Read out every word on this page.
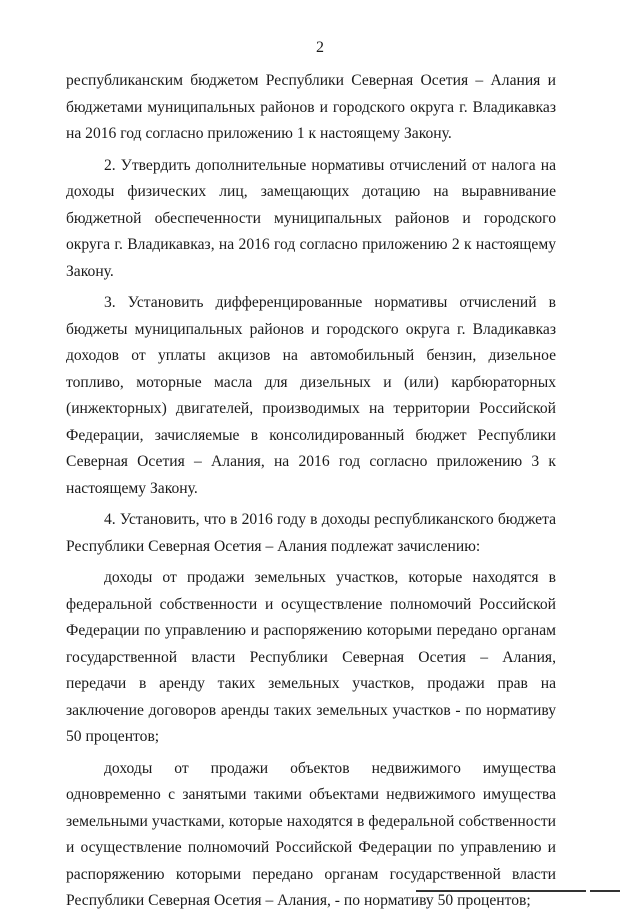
2

республиканским бюджетом Республики Северная Осетия – Алания и бюджетами муниципальных районов и городского округа г. Владикавказ на 2016 год согласно приложению 1 к настоящему Закону.

2. Утвердить дополнительные нормативы отчислений от налога на доходы физических лиц, замещающих дотацию на выравнивание бюджетной обеспеченности муниципальных районов и городского округа г. Владикавказ, на 2016 год согласно приложению 2 к настоящему Закону.

3. Установить дифференцированные нормативы отчислений в бюджеты муниципальных районов и городского округа г. Владикавказ доходов от уплаты акцизов на автомобильный бензин, дизельное топливо, моторные масла для дизельных и (или) карбюраторных (инжекторных) двигателей, производимых на территории Российской Федерации, зачисляемые в консолидированный бюджет Республики Северная Осетия – Алания, на 2016 год согласно приложению 3 к настоящему Закону.

4. Установить, что в 2016 году в доходы республиканского бюджета Республики Северная Осетия – Алания подлежат зачислению:

доходы от продажи земельных участков, которые находятся в федеральной собственности и осуществление полномочий Российской Федерации по управлению и распоряжению которыми передано органам государственной власти Республики Северная Осетия – Алания, передачи в аренду таких земельных участков, продажи прав на заключение договоров аренды таких земельных участков - по нормативу 50 процентов;

доходы от продажи объектов недвижимого имущества одновременно с занятыми такими объектами недвижимого имущества земельными участками, которые находятся в федеральной собственности и осуществление полномочий Российской Федерации по управлению и распоряжению которыми передано органам государственной власти Республики Северная Осетия – Алания, - по нормативу 50 процентов;
